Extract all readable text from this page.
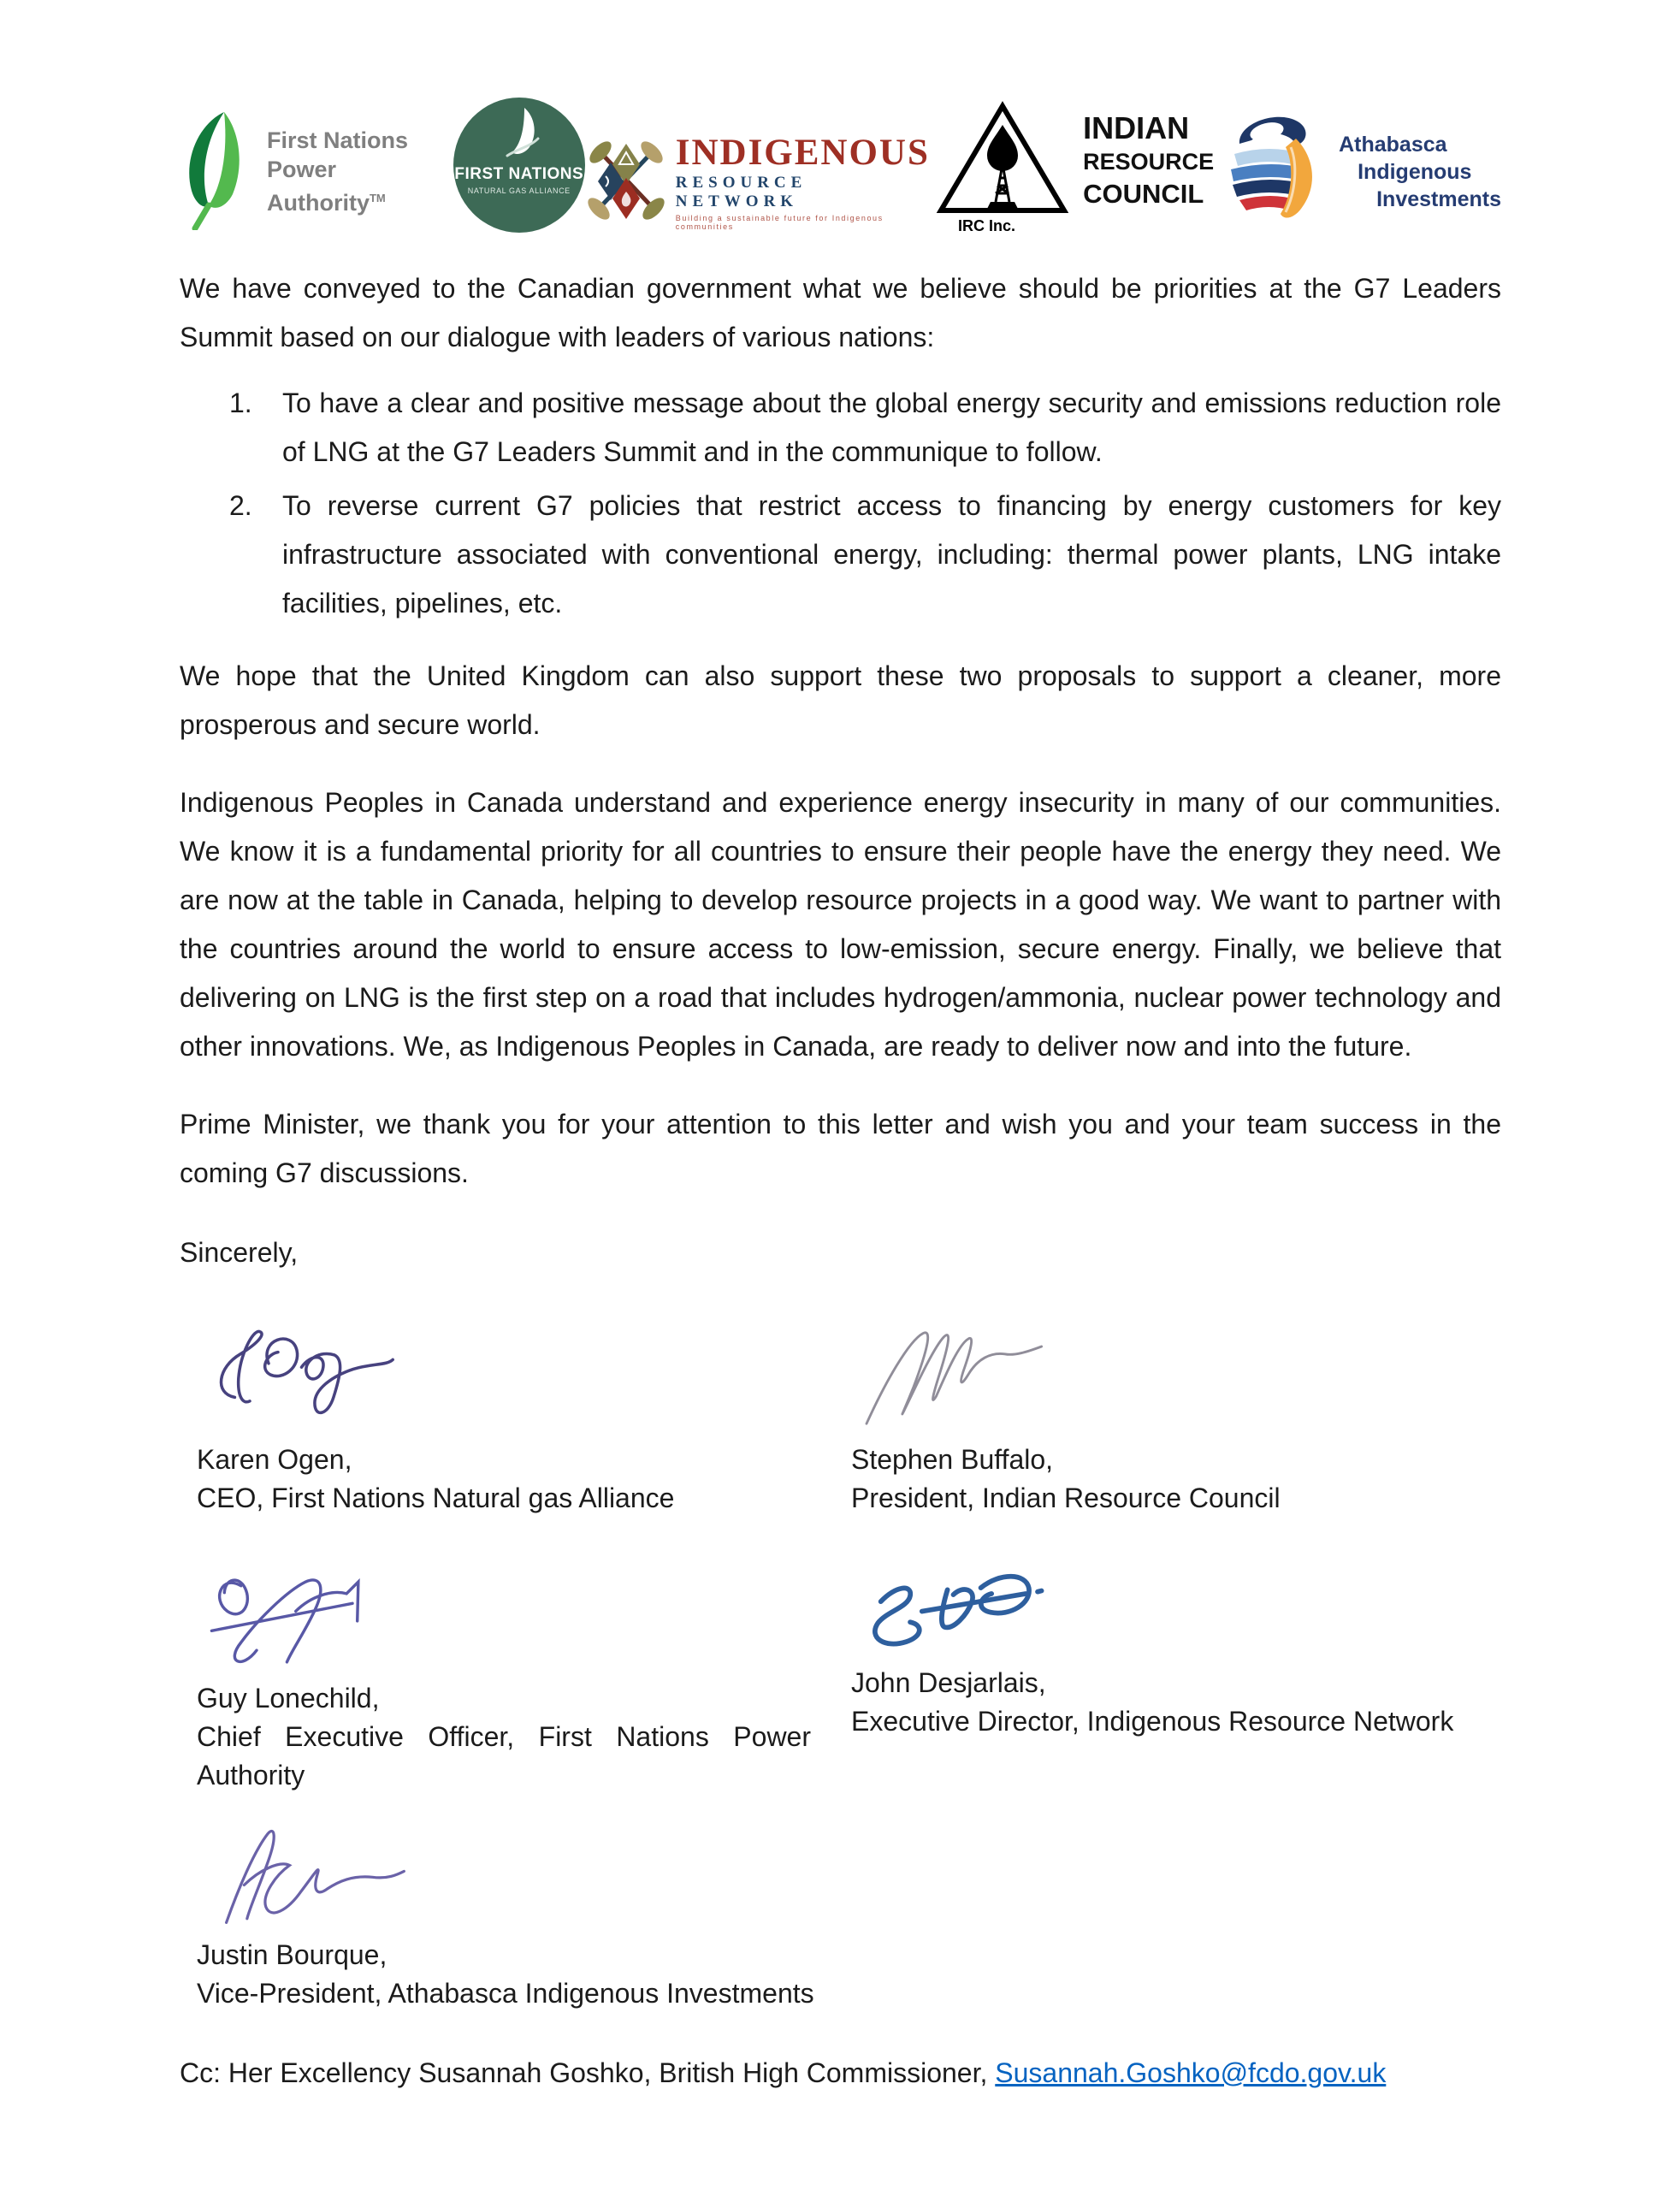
First Nations
Power Authority™
FIRST NATIONS
NATURAL GAS ALLIANCE
INDIGENOUS
RESOURCE NETWORK
Building a sustainable future for Indigenous communities	IRC Inc.
INDIAN
RESOURCE
COUNCIL
Athabasca
Indigenous
Investments

We have conveyed to the Canadian government what we believe should be priorities at the G7 Leaders Summit based on our dialogue with leaders of various nations:

1. To have a clear and positive message about the global energy security and emissions reduction role of LNG at the G7 Leaders Summit and in the communique to follow.
2. To reverse current G7 policies that restrict access to financing by energy customers for key infrastructure associated with conventional energy, including: thermal power plants, LNG intake facilities, pipelines, etc.

We hope that the United Kingdom can also support these two proposals to support a cleaner, more prosperous and secure world.

Indigenous Peoples in Canada understand and experience energy insecurity in many of our communities. We know it is a fundamental priority for all countries to ensure their people have the energy they need. We are now at the table in Canada, helping to develop resource projects in a good way. We want to partner with the countries around the world to ensure access to low-emission, secure energy. Finally, we believe that delivering on LNG is the first step on a road that includes hydrogen/ammonia, nuclear power technology and other innovations. We, as Indigenous Peoples in Canada, are ready to deliver now and into the future.

Prime Minister, we thank you for your attention to this letter and wish you and your team success in the coming G7 discussions.

Sincerely,

Karen Ogen,
CEO, First Nations Natural gas Alliance
Stephen Buffalo,
President, Indian Resource Council
Guy Lonechild,
Chief Executive Officer, First Nations Power Authority
John Desjarlais,
Executive Director, Indigenous Resource Network
Justin Bourque,
Vice-President, Athabasca Indigenous Investments
Cc: Her Excellency Susannah Goshko, British High Commissioner, Susannah.Goshko@fcdo.gov.uk
